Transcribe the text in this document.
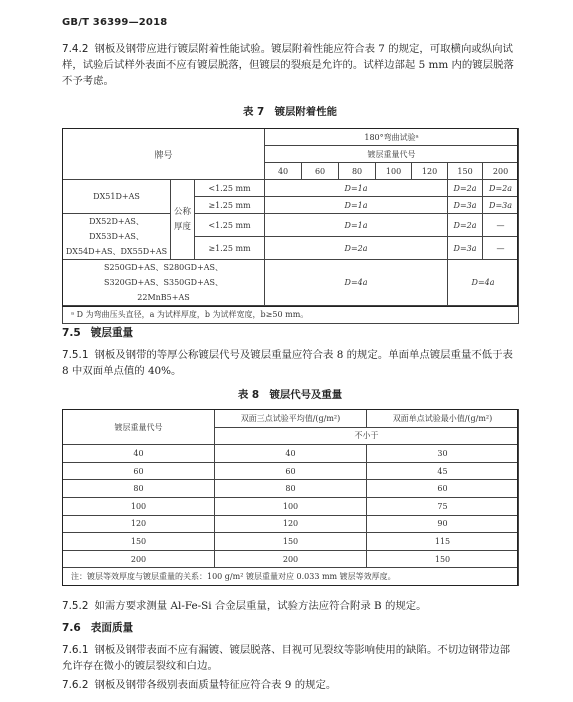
GB/T 36399—2018
7.4.2 钢板及钢带应进行镀层附着性能试验。镀层附着性能应符合表 7 的规定，可取横向或纵向试样，试验后试样外表面不应有镀层脱落，但镀层的裂痕是允许的。试样边部起 5 mm 内的镀层脱落不予考虑。
表 7　镀层附着性能
牌号			180°弯曲试验ᵃ						
			镀层重量代号						
			40	60	80	100	120	150	200
DX51D+AS	公称厚度	<1.25 mm	D=1a					D=2a	D=2a
		≥1.25 mm	D=1a					D=3a	D=3a
DX52D+AS、DX53D+AS、DX54D+AS、DX55D+AS		<1.25 mm	D=1a					D=2a	—
		≥1.25 mm	D=2a					D=3a	—
S250GD+AS、S280GD+AS、S320GD+AS、S350GD+AS、22MnB5+AS			D=4a					D=4a	
ᵃ D 为弯曲压头直径，a 为试样厚度，b 为试样宽度，b≥50 mm。									
7.5 镀层重量
7.5.1 钢板及钢带的等厚公称镀层代号及镀层重量应符合表 8 的规定。单面单点镀层重量不低于表 8 中双面单点值的 40%。
表 8　镀层代号及重量
镀层重量代号	双面三点试验平均值/(g/m²)	双面单点试验最小值/(g/m²)
	不小于	
40	40	30
60	60	45
80	80	60
100	100	75
120	120	90
150	150	115
200	200	150
注：镀层等效厚度与镀层重量的关系：100 g/m² 镀层重量对应 0.033 mm 镀层等效厚度。		
7.5.2 如需方要求测量 Al-Fe-Si 合金层重量，试验方法应符合附录 B 的规定。
7.6 表面质量
7.6.1 钢板及钢带表面不应有漏镀、镀层脱落、目视可见裂纹等影响使用的缺陷。不切边钢带边部允许存在微小的镀层裂纹和白边。
7.6.2 钢板及钢带各级别表面质量特征应符合表 9 的规定。
